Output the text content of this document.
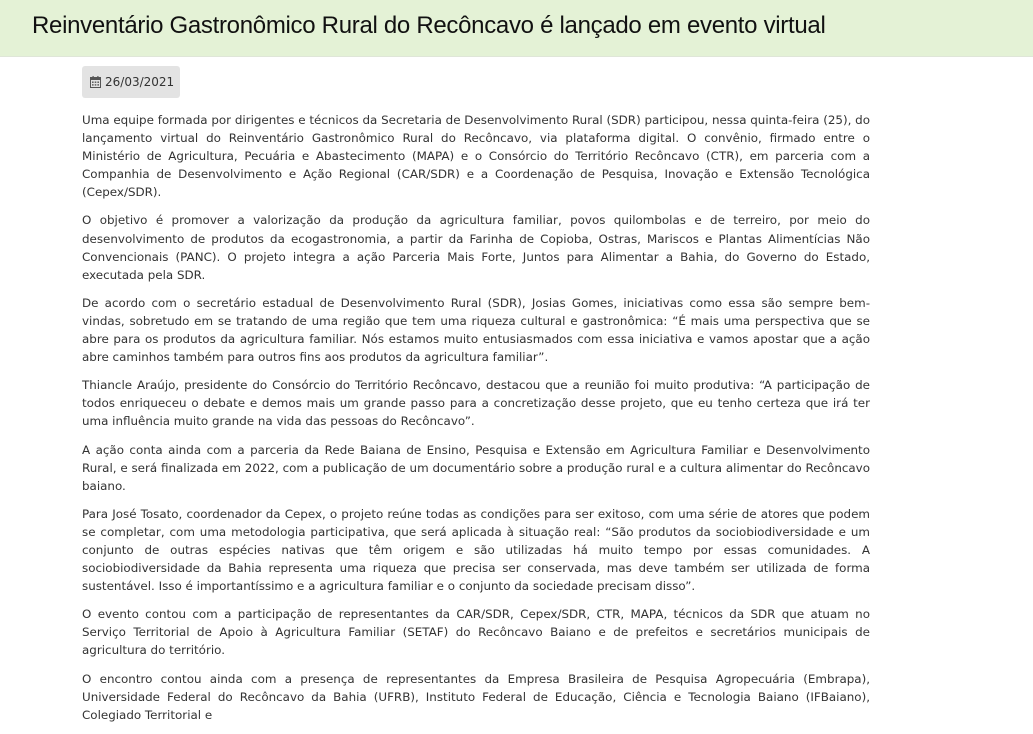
Reinventário Gastronômico Rural do Recôncavo é lançado em evento virtual
26/03/2021

Uma equipe formada por dirigentes e técnicos da Secretaria de Desenvolvimento Rural (SDR) participou, nessa quinta-feira (25), do lançamento virtual do Reinventário Gastronômico Rural do Recôncavo, via plataforma digital. O convênio, firmado entre o Ministério de Agricultura, Pecuária e Abastecimento (MAPA) e o Consórcio do Território Recôncavo (CTR), em parceria com a Companhia de Desenvolvimento e Ação Regional (CAR/SDR) e a Coordenação de Pesquisa, Inovação e Extensão Tecnológica (Cepex/SDR).

O objetivo é promover a valorização da produção da agricultura familiar, povos quilombolas e de terreiro, por meio do desenvolvimento de produtos da ecogastronomia, a partir da Farinha de Copioba, Ostras, Mariscos e Plantas Alimentícias Não Convencionais (PANC). O projeto integra a ação Parceria Mais Forte, Juntos para Alimentar a Bahia, do Governo do Estado, executada pela SDR.

De acordo com o secretário estadual de Desenvolvimento Rural (SDR), Josias Gomes, iniciativas como essa são sempre bem-vindas, sobretudo em se tratando de uma região que tem uma riqueza cultural e gastronômica: “É mais uma perspectiva que se abre para os produtos da agricultura familiar. Nós estamos muito entusiasmados com essa iniciativa e vamos apostar que a ação abre caminhos também para outros fins aos produtos da agricultura familiar”.

Thiancle Araújo, presidente do Consórcio do Território Recôncavo, destacou que a reunião foi muito produtiva: “A participação de todos enriqueceu o debate e demos mais um grande passo para a concretização desse projeto, que eu tenho certeza que irá ter uma influência muito grande na vida das pessoas do Recôncavo”.

A ação conta ainda com a parceria da Rede Baiana de Ensino, Pesquisa e Extensão em Agricultura Familiar e Desenvolvimento Rural, e será finalizada em 2022, com a publicação de um documentário sobre a produção rural e a cultura alimentar do Recôncavo baiano.

Para José Tosato, coordenador da Cepex, o projeto reúne todas as condições para ser exitoso, com uma série de atores que podem se completar, com uma metodologia participativa, que será aplicada à situação real: “São produtos da sociobiodiversidade e um conjunto de outras espécies nativas que têm origem e são utilizadas há muito tempo por essas comunidades. A sociobiodiversidade da Bahia representa uma riqueza que precisa ser conservada, mas deve também ser utilizada de forma sustentável. Isso é importantíssimo e a agricultura familiar e o conjunto da sociedade precisam disso”.

O evento contou com a participação de representantes da CAR/SDR, Cepex/SDR, CTR, MAPA, técnicos da SDR que atuam no Serviço Territorial de Apoio à Agricultura Familiar (SETAF) do Recôncavo Baiano e de prefeitos e secretários municipais de agricultura do território.

O encontro contou ainda com a presença de representantes da Empresa Brasileira de Pesquisa Agropecuária (Embrapa), Universidade Federal do Recôncavo da Bahia (UFRB), Instituto Federal de Educação, Ciência e Tecnologia Baiano (IFBaiano), Colegiado Territorial e
